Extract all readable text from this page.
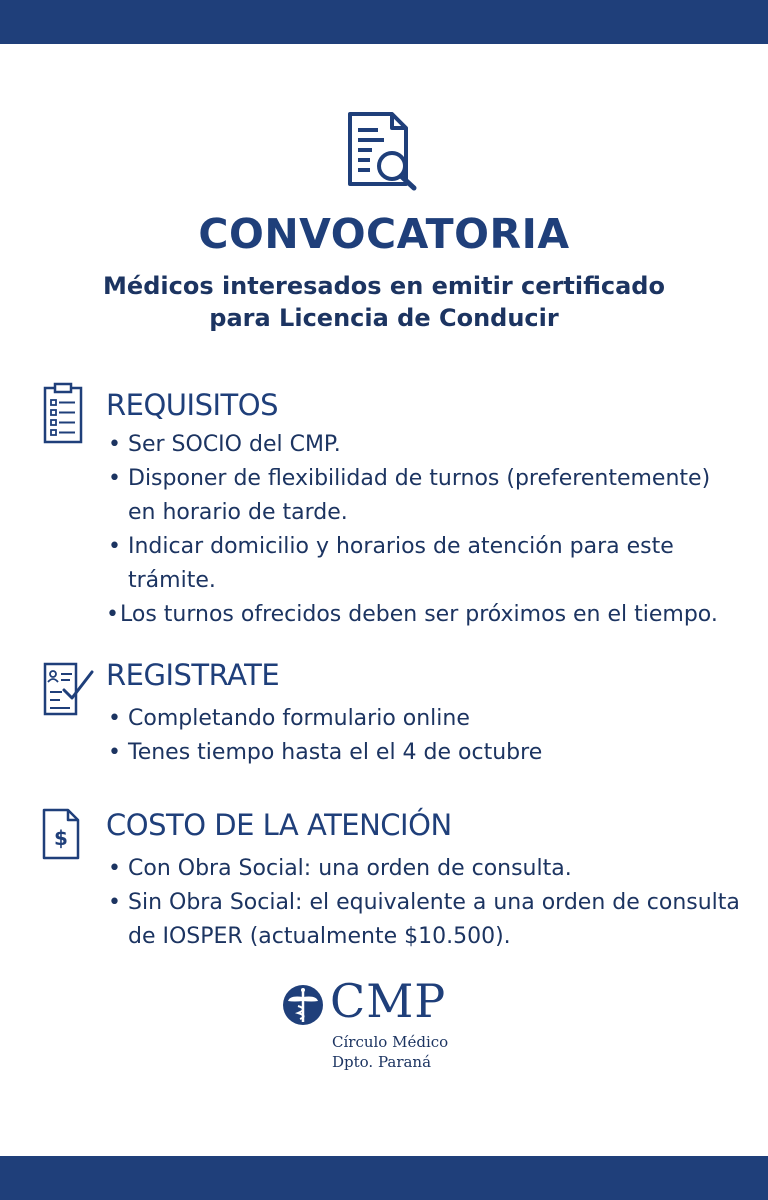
CONVOCATORIA
Médicos interesados en emitir certificado
para Licencia de Conducir
REQUISITOS
• Ser SOCIO del CMP.
• Disponer de flexibilidad de turnos (preferentemente)
en horario de tarde.
• Indicar domicilio y horarios de atención para este
trámite.
• Los turnos ofrecidos deben ser próximos en el tiempo.
REGISTRATE
• Completando formulario online
• Tenes tiempo hasta el el 4 de octubre
$ COSTO DE LA ATENCIÓN
• Con Obra Social: una orden de consulta.
• Sin Obra Social: el equivalente a una orden de consulta
de IOSPER (actualmente $10.500).
CMP
Círculo Médico
Dpto. Paraná
